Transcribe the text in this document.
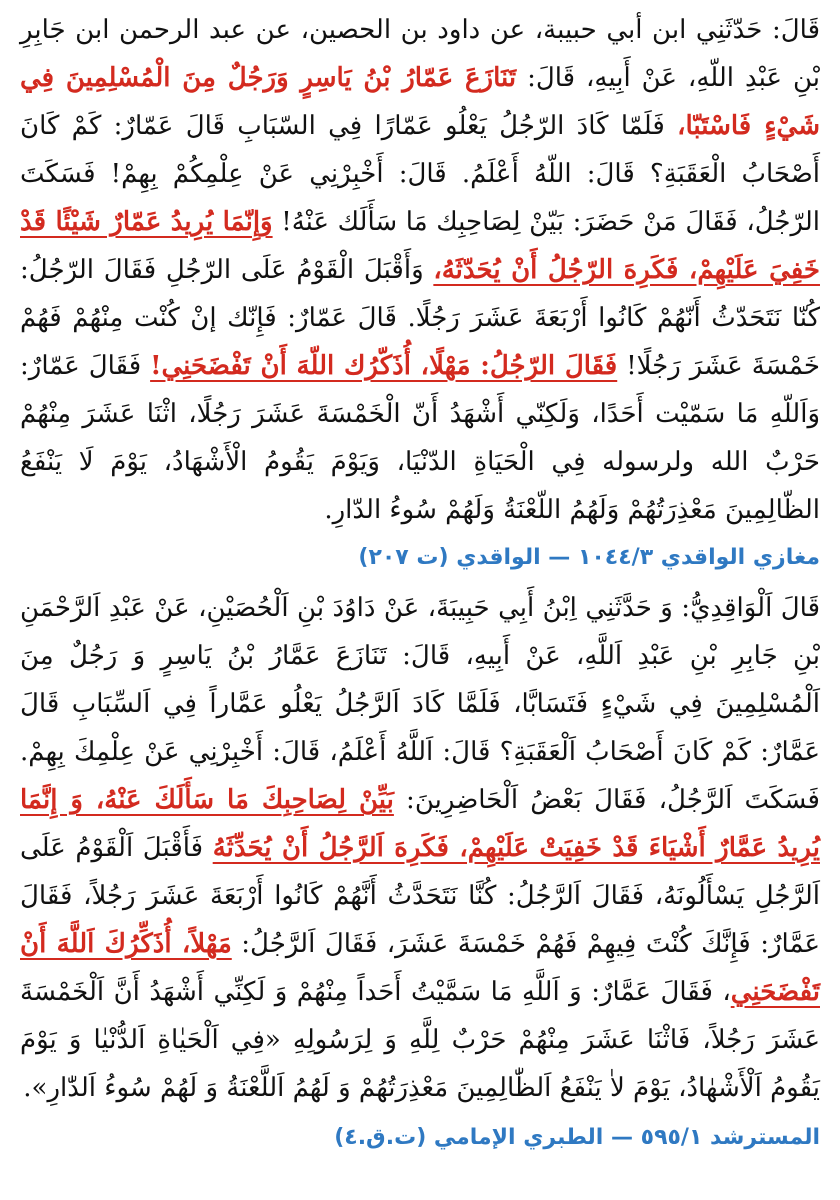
قَالَ: حَدّثَنِي ابن أبي حبيبة، عن داود بن الحصين، عن عبد الرحمن ابن جَابِرِ بْنِ عَبْدِ اللّهِ، عَنْ أَبِيهِ، قَالَ: تَنَازَعَ عَمّارُ بْنُ يَاسِرٍ وَرَجُلٌ مِنَ الْمُسْلِمِينَ فِي شَيْءٍ فَاسْتَبّا، فَلَمّا كَادَ الرّجُلُ يَعْلُو عَمّارًا فِي السّبَابِ قَالَ عَمّارٌ: كَمْ كَانَ أَصْحَابُ الْعَقَبَةِ؟ قَالَ: اللّهُ أَعْلَمُ. قَالَ: أَخْبِرْنِي عَنْ عِلْمِكُمْ بِهِمْ! فَسَكَتَ الرّجُلُ، فَقَالَ مَنْ حَضَرَ: بَيّنْ لِصَاحِبِك مَا سَأَلَك عَنْهُ! وَإِنّمَا يُرِيدُ عَمّارٌ شَيْئًا قَدْ خَفِيَ عَلَيْهِمْ، فَكَرِهَ الرّجُلُ أَنْ يُحَدّثَهُ، وَأَقْبَلَ الْقَوْمُ عَلَى الرّجُلِ فَقَالَ الرّجُلُ: كُنّا نَتَحَدّثُ أَنّهُمْ كَانُوا أَرْبَعَةَ عَشَرَ رَجُلًا. قَالَ عَمّارٌ: فَإِنّك إنْ كُنْت مِنْهُمْ فَهُمْ خَمْسَةَ عَشَرَ رَجُلًا! فَقَالَ الرّجُلُ: مَهْلًا، أُذَكّرُك اللّهَ أَنْ تَفْضَحَنِي! فَقَالَ عَمّارٌ: وَاَللّهِ مَا سَمّيْت أَحَدًا، وَلَكِنّي أَشْهَدُ أَنّ الْخَمْسَةَ عَشَرَ رَجُلًا، اثْنَا عَشَرَ مِنْهُمْ حَرْبٌ الله ولرسوله فِي الْحَيَاةِ الدّنْيَا، وَيَوْمَ يَقُومُ الْأَشْهَادُ، يَوْمَ لَا يَنْفَعُ الظّالِمِينَ مَعْذِرَتُهُمْ وَلَهُمُ اللّعْنَةُ وَلَهُمْ سُوءُ الدّارِ.

مغازي الواقدي ١٠٤٤/٣ — الواقدي (ت ٢٠٧)

قَالَ اَلْوَاقِدِيُّ: وَ حَدَّثَنِي اِبْنُ أَبِي حَبِيبَةَ، عَنْ دَاوُدَ بْنِ اَلْحُصَيْنِ، عَنْ عَبْدِ اَلرَّحْمَنِ بْنِ جَابِرِ بْنِ عَبْدِ اَللَّهِ، عَنْ أَبِيهِ، قَالَ: تَنَازَعَ عَمَّارُ بْنُ يَاسِرٍ وَ رَجُلٌ مِنَ اَلْمُسْلِمِينَ فِي شَيْءٍ فَتَسَابَّا، فَلَمَّا كَادَ اَلرَّجُلُ يَعْلُو عَمَّاراً فِي اَلسِّبَابِ قَالَ عَمَّارٌ: كَمْ كَانَ أَصْحَابُ اَلْعَقَبَةِ؟ قَالَ: اَللَّهُ أَعْلَمُ، قَالَ: أَخْبِرْنِي عَنْ عِلْمِكَ بِهِمْ. فَسَكَتَ اَلرَّجُلُ، فَقَالَ بَعْضُ اَلْحَاضِرِينَ: بَيِّنْ لِصَاحِبِكَ مَا سَأَلَكَ عَنْهُ، وَ إِنَّمَا يُرِيدُ عَمَّارٌ أَشْيَاءَ قَدْ خَفِيَتْ عَلَيْهِمْ، فَكَرِهَ اَلرَّجُلُ أَنْ يُحَدِّثَهُ فَأَقْبَلَ اَلْقَوْمُ عَلَى اَلرَّجُلِ يَسْأَلُونَهُ، فَقَالَ اَلرَّجُلُ: كُنَّا نَتَحَدَّثُ أَنَّهُمْ كَانُوا أَرْبَعَةَ عَشَرَ رَجُلاً، فَقَالَ عَمَّارٌ: فَإِنَّكَ كُنْتَ فِيهِمْ فَهُمْ خَمْسَةَ عَشَرَ، فَقَالَ اَلرَّجُلُ: مَهْلاً، أُذَكِّرُكَ اَللَّهَ أَنْ تَفْضَحَنِي، فَقَالَ عَمَّارٌ: وَ اَللَّهِ مَا سَمَّيْتُ أَحَداً مِنْهُمْ وَ لَكِنِّي أَشْهَدُ أَنَّ اَلْخَمْسَةَ عَشَرَ رَجُلاً، فَاثْنَا عَشَرَ مِنْهُمْ حَرْبٌ لِلَّهِ وَ لِرَسُولِهِ «فِي اَلْحَيٰاةِ اَلدُّنْيٰا وَ يَوْمَ يَقُومُ اَلْأَشْهٰادُ، يَوْمَ لاٰ يَنْفَعُ اَلظّٰالِمِينَ مَعْذِرَتُهُمْ وَ لَهُمُ اَللَّعْنَةُ وَ لَهُمْ سُوءُ اَلدّٰارِ».

المسترشد ٥٩٥/١ — الطبري الإمامي (ت.ق.٤)
